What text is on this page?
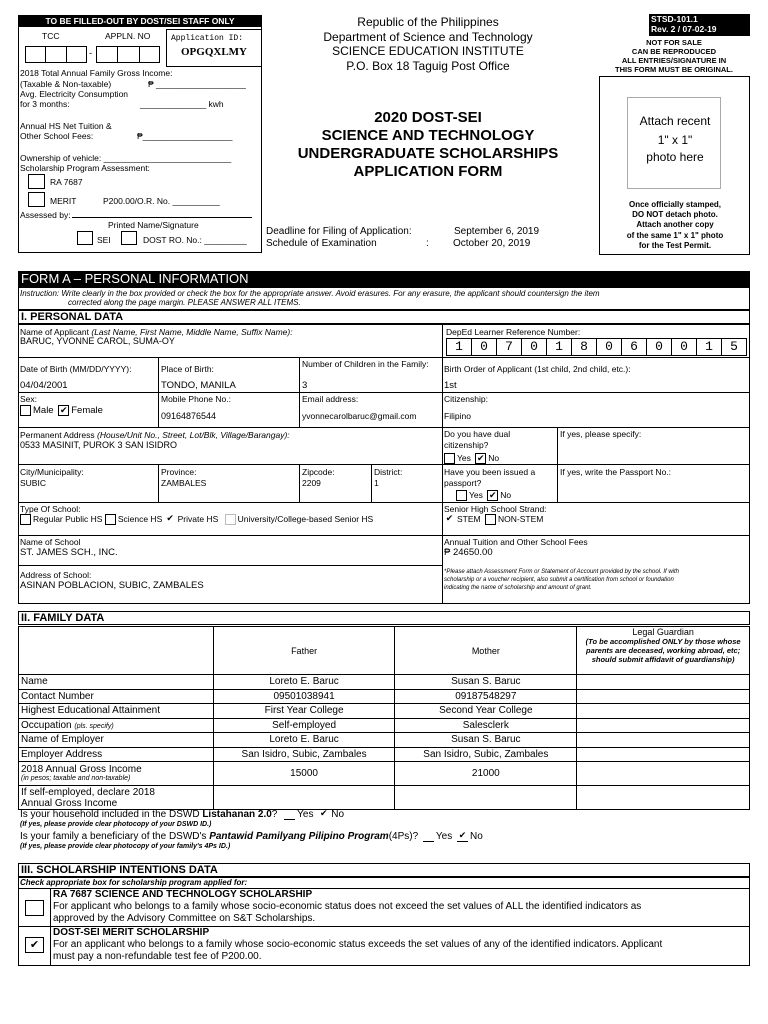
TO BE FILLED-OUT BY DOST/SEI STAFF ONLY
TCC	APPLN. NO
-
Application ID:
OPGQXLMY
2018 Total Annual Family Gross Income:
(Taxable & Non-taxable)	₱ ___________________
Avg. Electricity Consumption
for 3 months:	______________ kwh
Annual HS Net Tuition &
Other School Fees:	₱___________________
Ownership of vehicle: ___________________________
Scholarship Program Assessment:
RA 7687
MERIT	P200.00/O.R. No. __________
Assessed by:
Printed Name/Signature
SEI	DOST RO. No.: _________
Republic of the Philippines
Department of Science and Technology
SCIENCE EDUCATION INSTITUTE
P.O. Box 18 Taguig Post Office
2020 DOST-SEI
SCIENCE AND TECHNOLOGY
UNDERGRADUATE SCHOLARSHIPS
APPLICATION FORM
Deadline for Filing of Application:	September 6, 2019
Schedule of Examination	: October 20, 2019
STSD-101.1
Rev. 2 / 07-02-19
NOT FOR SALE
CAN BE REPRODUCED
ALL ENTRIES/SIGNATURE IN
THIS FORM MUST BE ORIGINAL.
Attach recent
1" x 1"
photo here
Once officially stamped,
DO NOT detach photo.
Attach another copy
of the same 1" x 1" photo
for the Test Permit.
FORM A – PERSONAL INFORMATION
Instruction: Write clearly in the box provided or check the box for the appropriate answer. Avoid erasures. For any erasure, the applicant should countersign the item
corrected along the page margin. PLEASE ANSWER ALL ITEMS.
I. PERSONAL DATA
Name of Applicant (Last Name, First Name, Middle Name, Suffix Name):
BARUC, YVONNE CAROL, SUMA-OY
DepEd Learner Reference Number:
1 0 7 0 1 8 0 6 0 0 1 5
Date of Birth (MM/DD/YYYY):
04/04/2001
Place of Birth:
TONDO, MANILA
Number of Children in the Family:
3
Birth Order of Applicant (1st child, 2nd child, etc.):
1st
Sex:
Male ✔ Female
Mobile Phone No.:
09164876544
Email address:
yvonnecarolbaruc@gmail.com
Citizenship:
Filipino
Permanent Address (House/Unit No., Street, Lot/Blk, Village/Barangay):
0533 MASINIT, PUROK 3 SAN ISIDRO
Do you have dual citizenship?
Yes ✔ No
If yes, please specify:
City/Municipality:
SUBIC
Province:
ZAMBALES
Zipcode:
2209
District:
1
Have you been issued a passport?
Yes ✔ No
If yes, write the Passport No.:
Type Of School:
Regular Public HS Science HS ✔ Private HS University/College-based Senior HS
Senior High School Strand:
✔ STEM NON-STEM
Name of School
ST. JAMES SCH., INC.
Annual Tuition and Other School Fees
₱ 24650.00
Address of School:
ASINAN POBLACION, SUBIC, ZAMBALES
*Please attach Assessment Form or Statement of Account provided by the school. If with
scholarship or a voucher recipient, also submit a certification from school or foundation
indicating the name of scholarship and amount of grant.
II. FAMILY DATA
	Father	Mother	Legal Guardian
(To be accomplished ONLY by those whose parents are deceased, working abroad, etc; should submit affidavit of guardianship)

Name	Loreto E. Baruc	Susan S. Baruc	
Contact Number	09501038941	09187548297	
Highest Educational Attainment	First Year College	Second Year College	
Occupation (pls. specify)	Self-employed	Salesclerk	
Name of Employer	Loreto E. Baruc	Susan S. Baruc	
Employer Address	San Isidro, Subic, Zambales	San Isidro, Subic, Zambales	

2018 Annual Gross Income
(in pesos; taxable and non-taxable)	15000	21000	

If self-employed, declare 2018
Annual Gross Income			

Is your household included in the DSWD Listahanan 2.0? Yes ✔ No
(If yes, please provide clear photocopy of your DSWD ID.)
Is your family a beneficiary of the DSWD's Pantawid Pamilyang Pilipino Program(4Ps)? Yes ✔ No
(If yes, please provide clear photocopy of your family's 4Ps ID.)
III. SCHOLARSHIP INTENTIONS DATA
Check appropriate box for scholarship program applied for:
RA 7687 SCIENCE AND TECHNOLOGY SCHOLARSHIP
For applicant who belongs to a family whose socio-economic status does not exceed the set values of ALL the identified indicators as
approved by the Advisory Committee on S&T Scholarships.
✔
DOST-SEI MERIT SCHOLARSHIP
For an applicant who belongs to a family whose socio-economic status exceeds the set values of any of the identified indicators. Applicant
must pay a non-refundable test fee of P200.00.
